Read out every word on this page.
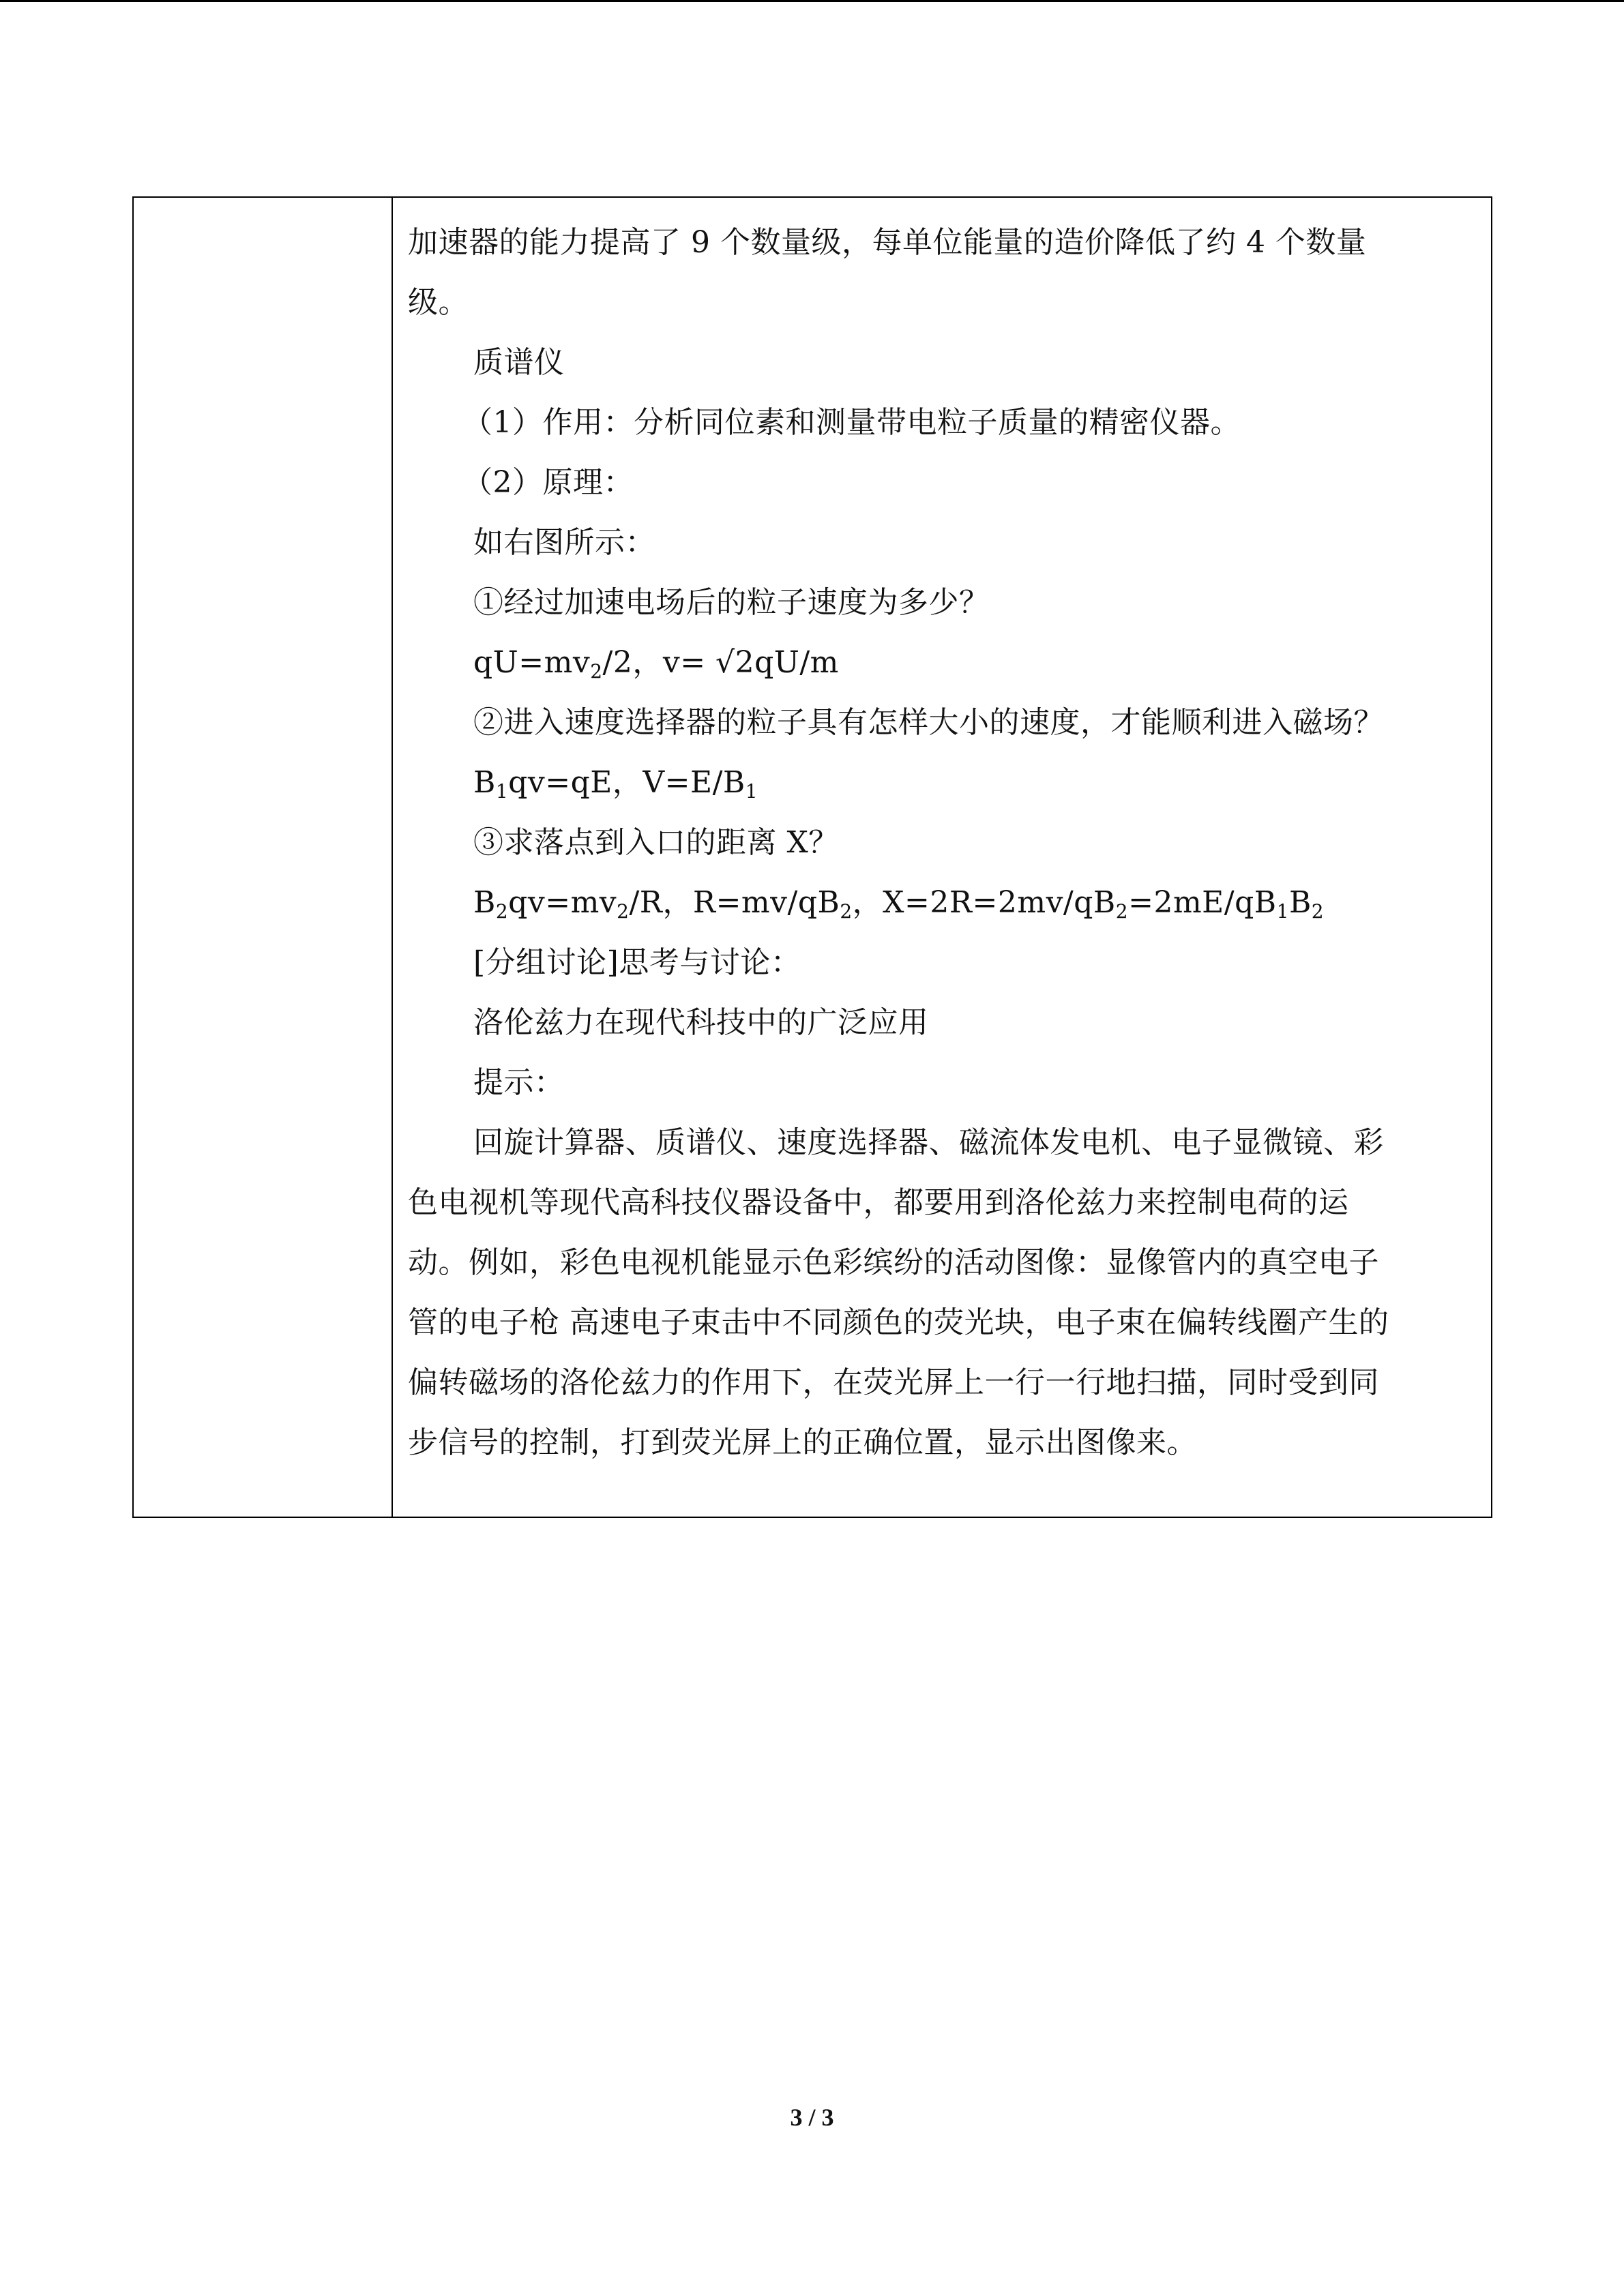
加速器的能力提高了 9 个数量级，每单位能量的造价降低了约 4 个数量
级。
质谱仪
（1）作用：分析同位素和测量带电粒子质量的精密仪器。
（2）原理：
如右图所示：
①经过加速电场后的粒子速度为多少？
$qU=mv_2/2$，v= √2qU/m
②进入速度选择器的粒子具有怎样大小的速度，才能顺利进入磁场？
$B_1qv=qE$，$V=E/B_1$
③求落点到入口的距离 X？
$B_2qv=mv_2/R$，$R=mv/qB_2$，$X=2R=2mv/qB_2=2mE/qB_1B_2$
[分组讨论]思考与讨论：
洛伦兹力在现代科技中的广泛应用
提示：
回旋计算器、质谱仪、速度选择器、磁流体发电机、电子显微镜、彩
色电视机等现代高科技仪器设备中，都要用到洛伦兹力来控制电荷的运
动。例如，彩色电视机能显示色彩缤纷的活动图像：显像管内的真空电子
管的电子枪 高速电子束击中不同颜色的荧光块，电子束在偏转线圈产生的
偏转磁场的洛伦兹力的作用下，在荧光屏上一行一行地扫描，同时受到同
步信号的控制，打到荧光屏上的正确位置，显示出图像来。
3 / 3
